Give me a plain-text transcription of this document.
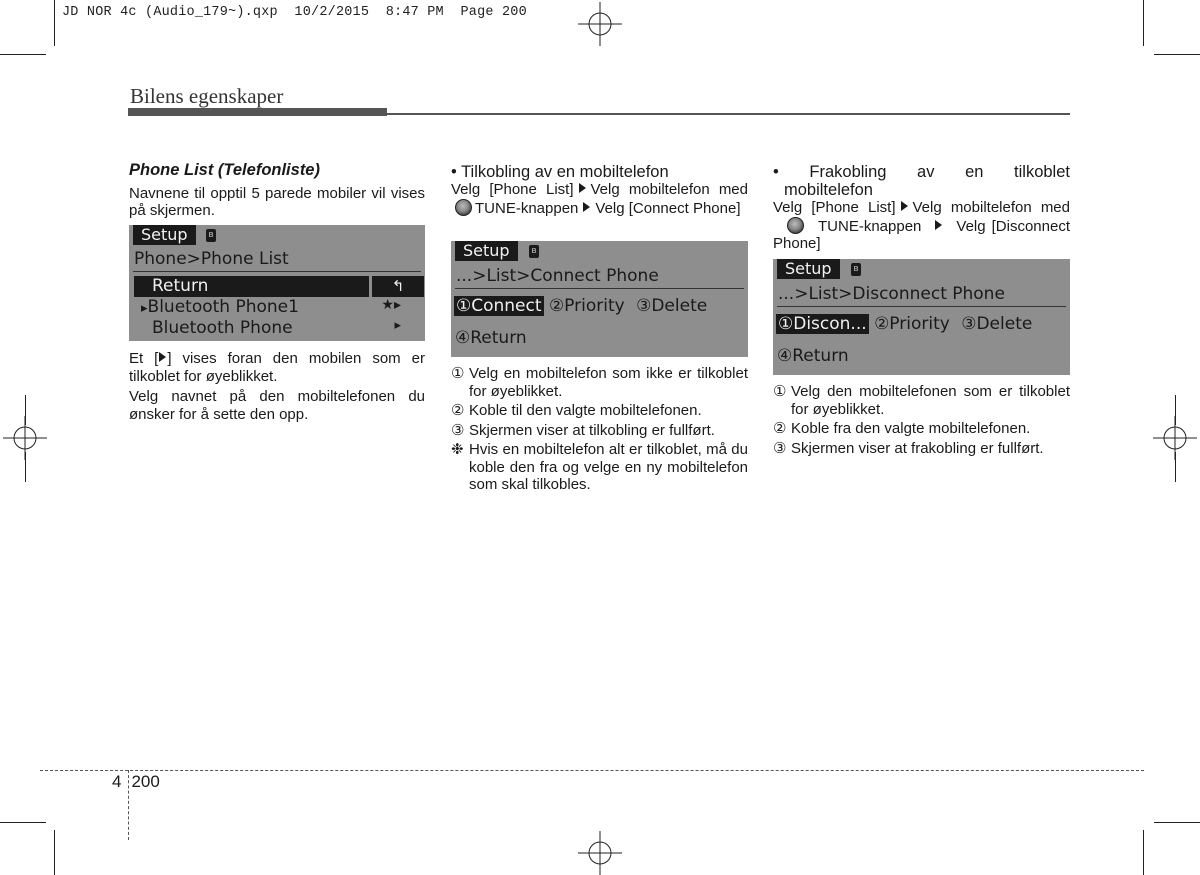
JD NOR 4c (Audio_179~).qxp  10/2/2015  8:47 PM  Page 200
Bilens egenskaper

Phone List (Telefonliste)

Navnene til opptil 5 parede mobiler vil vises på skjermen.

Setup	ʙ
Phone>Phone List
Return	↰
▸Bluetooth Phone1	★▸
Bluetooth Phone	▸

Et [ ] vises foran den mobilen som er tilkoblet for øyeblikket.

Velg navnet på den mobiltelefonen du ønsker for å sette den opp.

• Tilkobling av en mobiltelefon

Velg [Phone List] Velg mobiltelefon medTUNE-knappen Velg [Connect Phone]

Setup	ʙ
...>List>Connect Phone
①Connect ②Priority ③Delete
④Return
① Velg en mobiltelefon som ikke er tilkoblet for øyeblikket.
② Koble til den valgte mobiltelefonen.
③ Skjermen viser at tilkobling er fullført.
❉ Hvis en mobiltelefon alt er tilkoblet, må du koble den fra og velge en ny mobiltelefon som skal tilkobles.

• Frakobling av en tilkoblet

mobiltelefon

Velg [Phone List] Velg mobiltelefon medTUNE-knappen Velg [Disconnect Phone]

Setup	ʙ
...>List>Disconnect Phone
①Discon... ②Priority ③Delete
④Return
① Velg den mobiltelefonen som er tilkoblet for øyeblikket.
② Koble fra den valgte mobiltelefonen.
③ Skjermen viser at frakobling er fullført.
4 200
